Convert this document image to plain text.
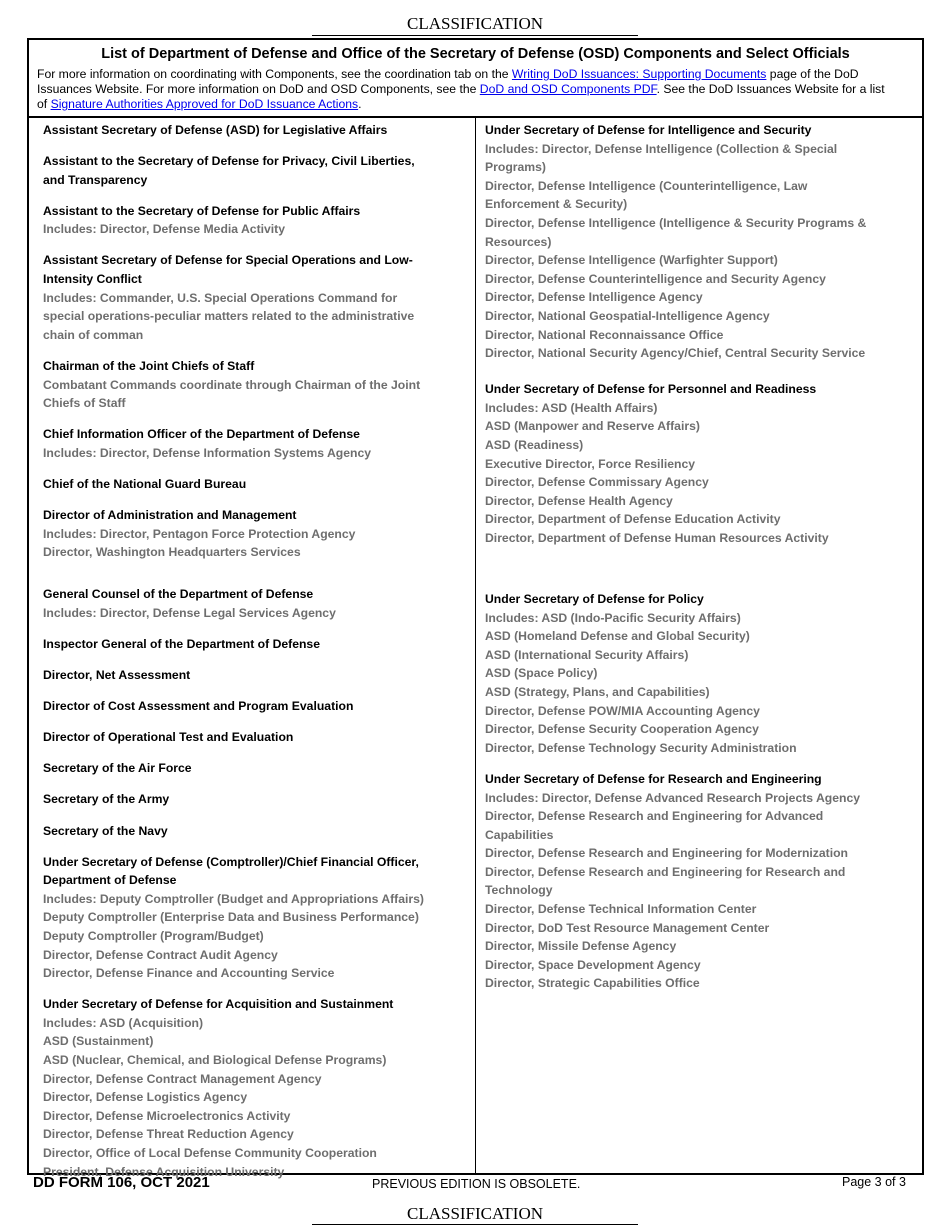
CLASSIFICATION
List of Department of Defense and Office of the Secretary of Defense (OSD) Components and Select Officials
For more information on coordinating with Components, see the coordination tab on the Writing DoD Issuances: Supporting Documents page of the DoD
Issuances Website. For more information on DoD and OSD Components, see the DoD and OSD Components PDF. See the DoD Issuances Website for a list
of Signature Authorities Approved for DoD Issuance Actions.
Assistant Secretary of Defense (ASD) for Legislative Affairs
Assistant to the Secretary of Defense for Privacy, Civil Liberties,
and Transparency
Assistant to the Secretary of Defense for Public Affairs
Includes: Director, Defense Media Activity
Assistant Secretary of Defense for Special Operations and Low-
Intensity Conflict
Includes: Commander, U.S. Special Operations Command for
special operations-peculiar matters related to the administrative
chain of comman
Chairman of the Joint Chiefs of Staff
Combatant Commands coordinate through Chairman of the Joint
Chiefs of Staff
Chief Information Officer of the Department of Defense
Includes: Director, Defense Information Systems Agency
Chief of the National Guard Bureau
Director of Administration and Management
Includes: Director, Pentagon Force Protection Agency
Director, Washington Headquarters Services
General Counsel of the Department of Defense
Includes: Director, Defense Legal Services Agency
Inspector General of the Department of Defense
Director, Net Assessment
Director of Cost Assessment and Program Evaluation
Director of Operational Test and Evaluation
Secretary of the Air Force
Secretary of the Army
Secretary of the Navy
Under Secretary of Defense (Comptroller)/Chief Financial Officer,
Department of Defense
Includes: Deputy Comptroller (Budget and Appropriations Affairs)
Deputy Comptroller (Enterprise Data and Business Performance)
Deputy Comptroller (Program/Budget)
Director, Defense Contract Audit Agency
Director, Defense Finance and Accounting Service
Under Secretary of Defense for Acquisition and Sustainment
Includes: ASD (Acquisition)
ASD (Sustainment)
ASD (Nuclear, Chemical, and Biological Defense Programs)
Director, Defense Contract Management Agency
Director, Defense Logistics Agency
Director, Defense Microelectronics Activity
Director, Defense Threat Reduction Agency
Director, Office of Local Defense Community Cooperation
President, Defense Acquisition University
Under Secretary of Defense for Intelligence and Security
Includes: Director, Defense Intelligence (Collection & Special
Programs)
Director, Defense Intelligence (Counterintelligence, Law
Enforcement & Security)
Director, Defense Intelligence (Intelligence & Security Programs &
Resources)
Director, Defense Intelligence (Warfighter Support)
Director, Defense Counterintelligence and Security Agency
Director, Defense Intelligence Agency
Director, National Geospatial-Intelligence Agency
Director, National Reconnaissance Office
Director, National Security Agency/Chief, Central Security Service
Under Secretary of Defense for Personnel and Readiness
Includes: ASD (Health Affairs)
ASD (Manpower and Reserve Affairs)
ASD (Readiness)
Executive Director, Force Resiliency
Director, Defense Commissary Agency
Director, Defense Health Agency
Director, Department of Defense Education Activity
Director, Department of Defense Human Resources Activity
Under Secretary of Defense for Policy
Includes: ASD (Indo-Pacific Security Affairs)
ASD (Homeland Defense and Global Security)
ASD (International Security Affairs)
ASD (Space Policy)
ASD (Strategy, Plans, and Capabilities)
Director, Defense POW/MIA Accounting Agency
Director, Defense Security Cooperation Agency
Director, Defense Technology Security Administration
Under Secretary of Defense for Research and Engineering
Includes: Director, Defense Advanced Research Projects Agency
Director, Defense Research and Engineering for Advanced
Capabilities
Director, Defense Research and Engineering for Modernization
Director, Defense Research and Engineering for Research and
Technology
Director, Defense Technical Information Center
Director, DoD Test Resource Management Center
Director, Missile Defense Agency
Director, Space Development Agency
Director, Strategic Capabilities Office
DD FORM 106, OCT 2021	PREVIOUS EDITION IS OBSOLETE.	Page 3 of 3
CLASSIFICATION
